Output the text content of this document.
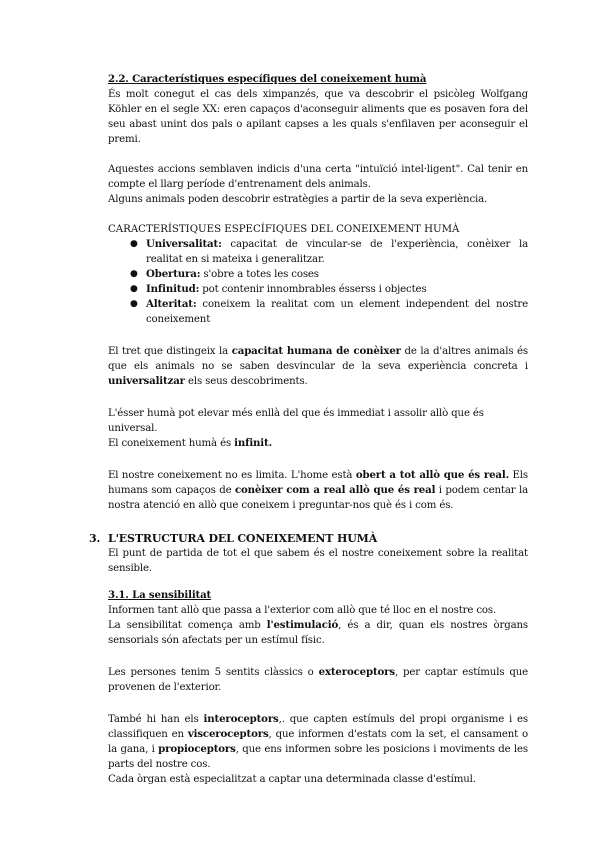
2.2. Característiques específiques del coneixement humà

És molt conegut el cas dels ximpanzés, que va descobrir el psicòleg Wolfgang Köhler en el segle XX: eren capaços d'aconseguir aliments que es posaven fora del seu abast unint dos pals o apilant capses a les quals s'enfilaven per aconseguir el premi.

Aquestes accions semblaven indicis d'una certa "intuïció intel·ligent". Cal tenir en compte el llarg període d'entrenament dels animals.

Alguns animals poden descobrir estratègies a partir de la seva experiència.

CARACTERÍSTIQUES ESPECÍFIQUES DEL CONEIXEMENT HUMÀ

● Universalitat: capacitat de vincular-se de l'experiència, conèixer la realitat en si mateixa i generalitzar.
● Obertura: s'obre a totes les coses
● Infinitud: pot contenir innombrables ésserss i objectes
● Alteritat: coneixem la realitat com un element independent del nostre coneixement

El tret que distingeix la capacitat humana de conèixer de la d'altres animals és que els animals no se saben desvincular de la seva experiència concreta i universalitzar els seus descobriments.

L'ésser humà pot elevar més enllà del que és immediat i assolir allò que és universal.

El coneixement humà és infinit.

El nostre coneixement no es limita. L'home està obert a tot allò que és real. Els humans som capaços de conèixer com a real allò que és real i podem centar la nostra atenció en allò que coneixem i preguntar-nos què és i com és.

3. L'ESTRUCTURA DEL CONEIXEMENT HUMÀ

El punt de partida de tot el que sabem és el nostre coneixement sobre la realitat sensible.

3.1. La sensibilitat

Informen tant allò que passa a l'exterior com allò que té lloc en el nostre cos.

La sensibilitat comença amb l'estimulació, és a dir, quan els nostres òrgans sensorials són afectats per un estímul físic.

Les persones tenim 5 sentits clàssics o exteroceptors, per captar estímuls que provenen de l'exterior.

També hi han els interoceptors,. que capten estímuls del propi organisme i es classifiquen en visceroceptors, que informen d'estats com la set, el cansament o la gana, i propioceptors, que ens informen sobre les posicions i moviments de les parts del nostre cos.

Cada òrgan està especialitzat a captar una determinada classe d'estímul.
